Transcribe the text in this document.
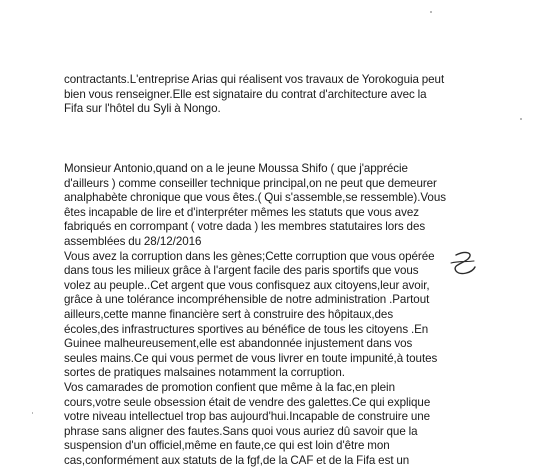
contractants.L'entreprise Arias qui réalisent vos travaux de Yorokoguia peut
bien vous renseigner.Elle est signataire du contrat d'architecture avec la
Fifa sur l'hôtel du Syli à Nongo.
Monsieur Antonio,quand on a le jeune Moussa Shifo ( que j'apprécie
d'ailleurs ) comme conseiller technique principal,on ne peut que demeurer
analphabète chronique que vous êtes.( Qui s'assemble,se ressemble).Vous
êtes incapable de lire et d'interpréter mêmes les statuts que vous avez
fabriqués en corrompant ( votre dada ) les membres statutaires lors des
assemblées du 28/12/2016
Vous avez la corruption dans les gènes;Cette corruption que vous opérée
dans tous les milieux grâce à l'argent facile des paris sportifs que vous
volez au peuple..Cet argent que vous confisquez aux citoyens,leur avoir,
grâce à une tolérance incompréhensible de notre administration .Partout
ailleurs,cette manne financière sert à construire des hôpitaux,des
écoles,des infrastructures sportives au bénéfice de tous les citoyens .En
Guinee malheureusement,elle est abandonnée injustement dans vos
seules mains.Ce qui vous permet de vous livrer en toute impunité,à toutes
sortes de pratiques malsaines notamment la corruption.
Vos camarades de promotion confient que même à la fac,en plein
cours,votre seule obsession était de vendre des galettes.Ce qui explique
votre niveau intellectuel trop bas aujourd'hui.Incapable de construire une
phrase sans aligner des fautes.Sans quoi vous auriez dû savoir que la
suspension d'un officiel,même en faute,ce qui est loin d'être mon
cas,conformément aux statuts de la fgf,de la CAF et de la Fifa est un
